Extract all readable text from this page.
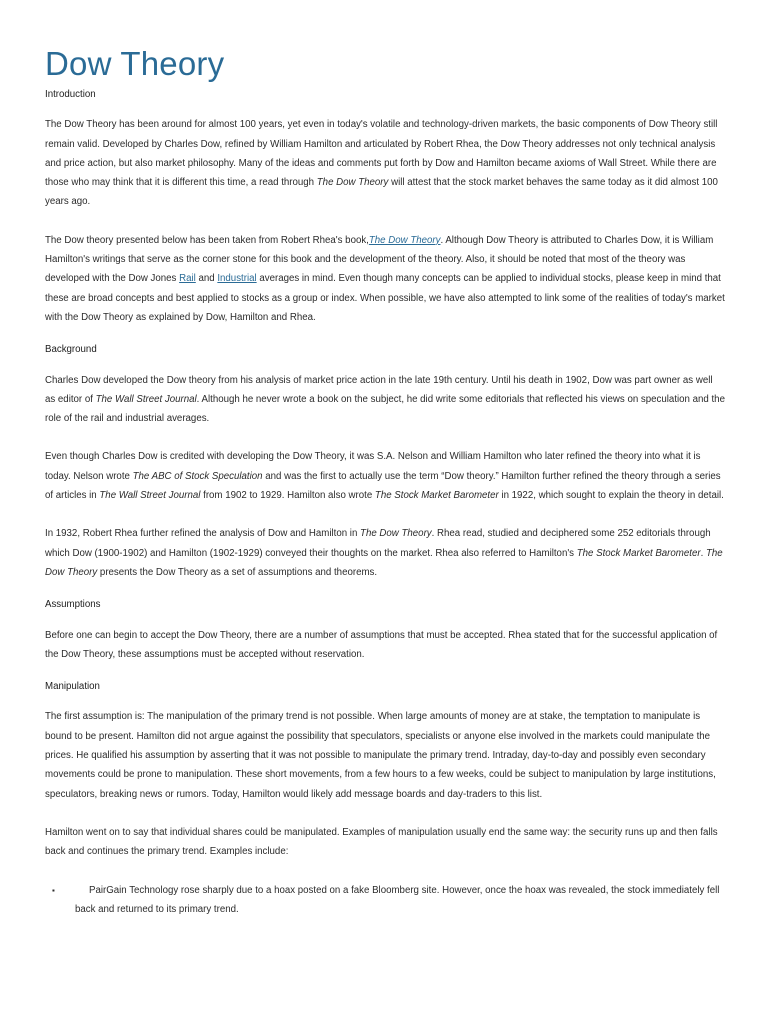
Dow Theory
Introduction

The Dow Theory has been around for almost 100 years, yet even in today's volatile and technology-driven markets, the basic components of Dow Theory still remain valid. Developed by Charles Dow, refined by William Hamilton and articulated by Robert Rhea, the Dow Theory addresses not only technical analysis and price action, but also market philosophy. Many of the ideas and comments put forth by Dow and Hamilton became axioms of Wall Street. While there are those who may think that it is different this time, a read through The Dow Theory will attest that the stock market behaves the same today as it did almost 100 years ago.

The Dow theory presented below has been taken from Robert Rhea's book,The Dow Theory. Although Dow Theory is attributed to Charles Dow, it is William Hamilton's writings that serve as the corner stone for this book and the development of the theory. Also, it should be noted that most of the theory was developed with the Dow Jones Rail and Industrial averages in mind. Even though many concepts can be applied to individual stocks, please keep in mind that these are broad concepts and best applied to stocks as a group or index. When possible, we have also attempted to link some of the realities of today's market with the Dow Theory as explained by Dow, Hamilton and Rhea.

Background

Charles Dow developed the Dow theory from his analysis of market price action in the late 19th century. Until his death in 1902, Dow was part owner as well as editor of The Wall Street Journal. Although he never wrote a book on the subject, he did write some editorials that reflected his views on speculation and the role of the rail and industrial averages.

Even though Charles Dow is credited with developing the Dow Theory, it was S.A. Nelson and William Hamilton who later refined the theory into what it is today. Nelson wrote The ABC of Stock Speculation and was the first to actually use the term “Dow theory.” Hamilton further refined the theory through a series of articles in The Wall Street Journal from 1902 to 1929. Hamilton also wrote The Stock Market Barometer in 1922, which sought to explain the theory in detail.

In 1932, Robert Rhea further refined the analysis of Dow and Hamilton in The Dow Theory. Rhea read, studied and deciphered some 252 editorials through which Dow (1900-1902) and Hamilton (1902-1929) conveyed their thoughts on the market. Rhea also referred to Hamilton's The Stock Market Barometer. The Dow Theory presents the Dow Theory as a set of assumptions and theorems.

Assumptions

Before one can begin to accept the Dow Theory, there are a number of assumptions that must be accepted. Rhea stated that for the successful application of the Dow Theory, these assumptions must be accepted without reservation.

Manipulation

The first assumption is: The manipulation of the primary trend is not possible. When large amounts of money are at stake, the temptation to manipulate is bound to be present. Hamilton did not argue against the possibility that speculators, specialists or anyone else involved in the markets could manipulate the prices. He qualified his assumption by asserting that it was not possible to manipulate the primary trend. Intraday, day-to-day and possibly even secondary movements could be prone to manipulation. These short movements, from a few hours to a few weeks, could be subject to manipulation by large institutions, speculators, breaking news or rumors. Today, Hamilton would likely add message boards and day-traders to this list.

Hamilton went on to say that individual shares could be manipulated. Examples of manipulation usually end the same way: the security runs up and then falls back and continues the primary trend. Examples include:

▪	PairGain Technology rose sharply due to a hoax posted on a fake Bloomberg site. However, once the hoax was revealed, the stock immediately fell back and returned to its primary trend.
